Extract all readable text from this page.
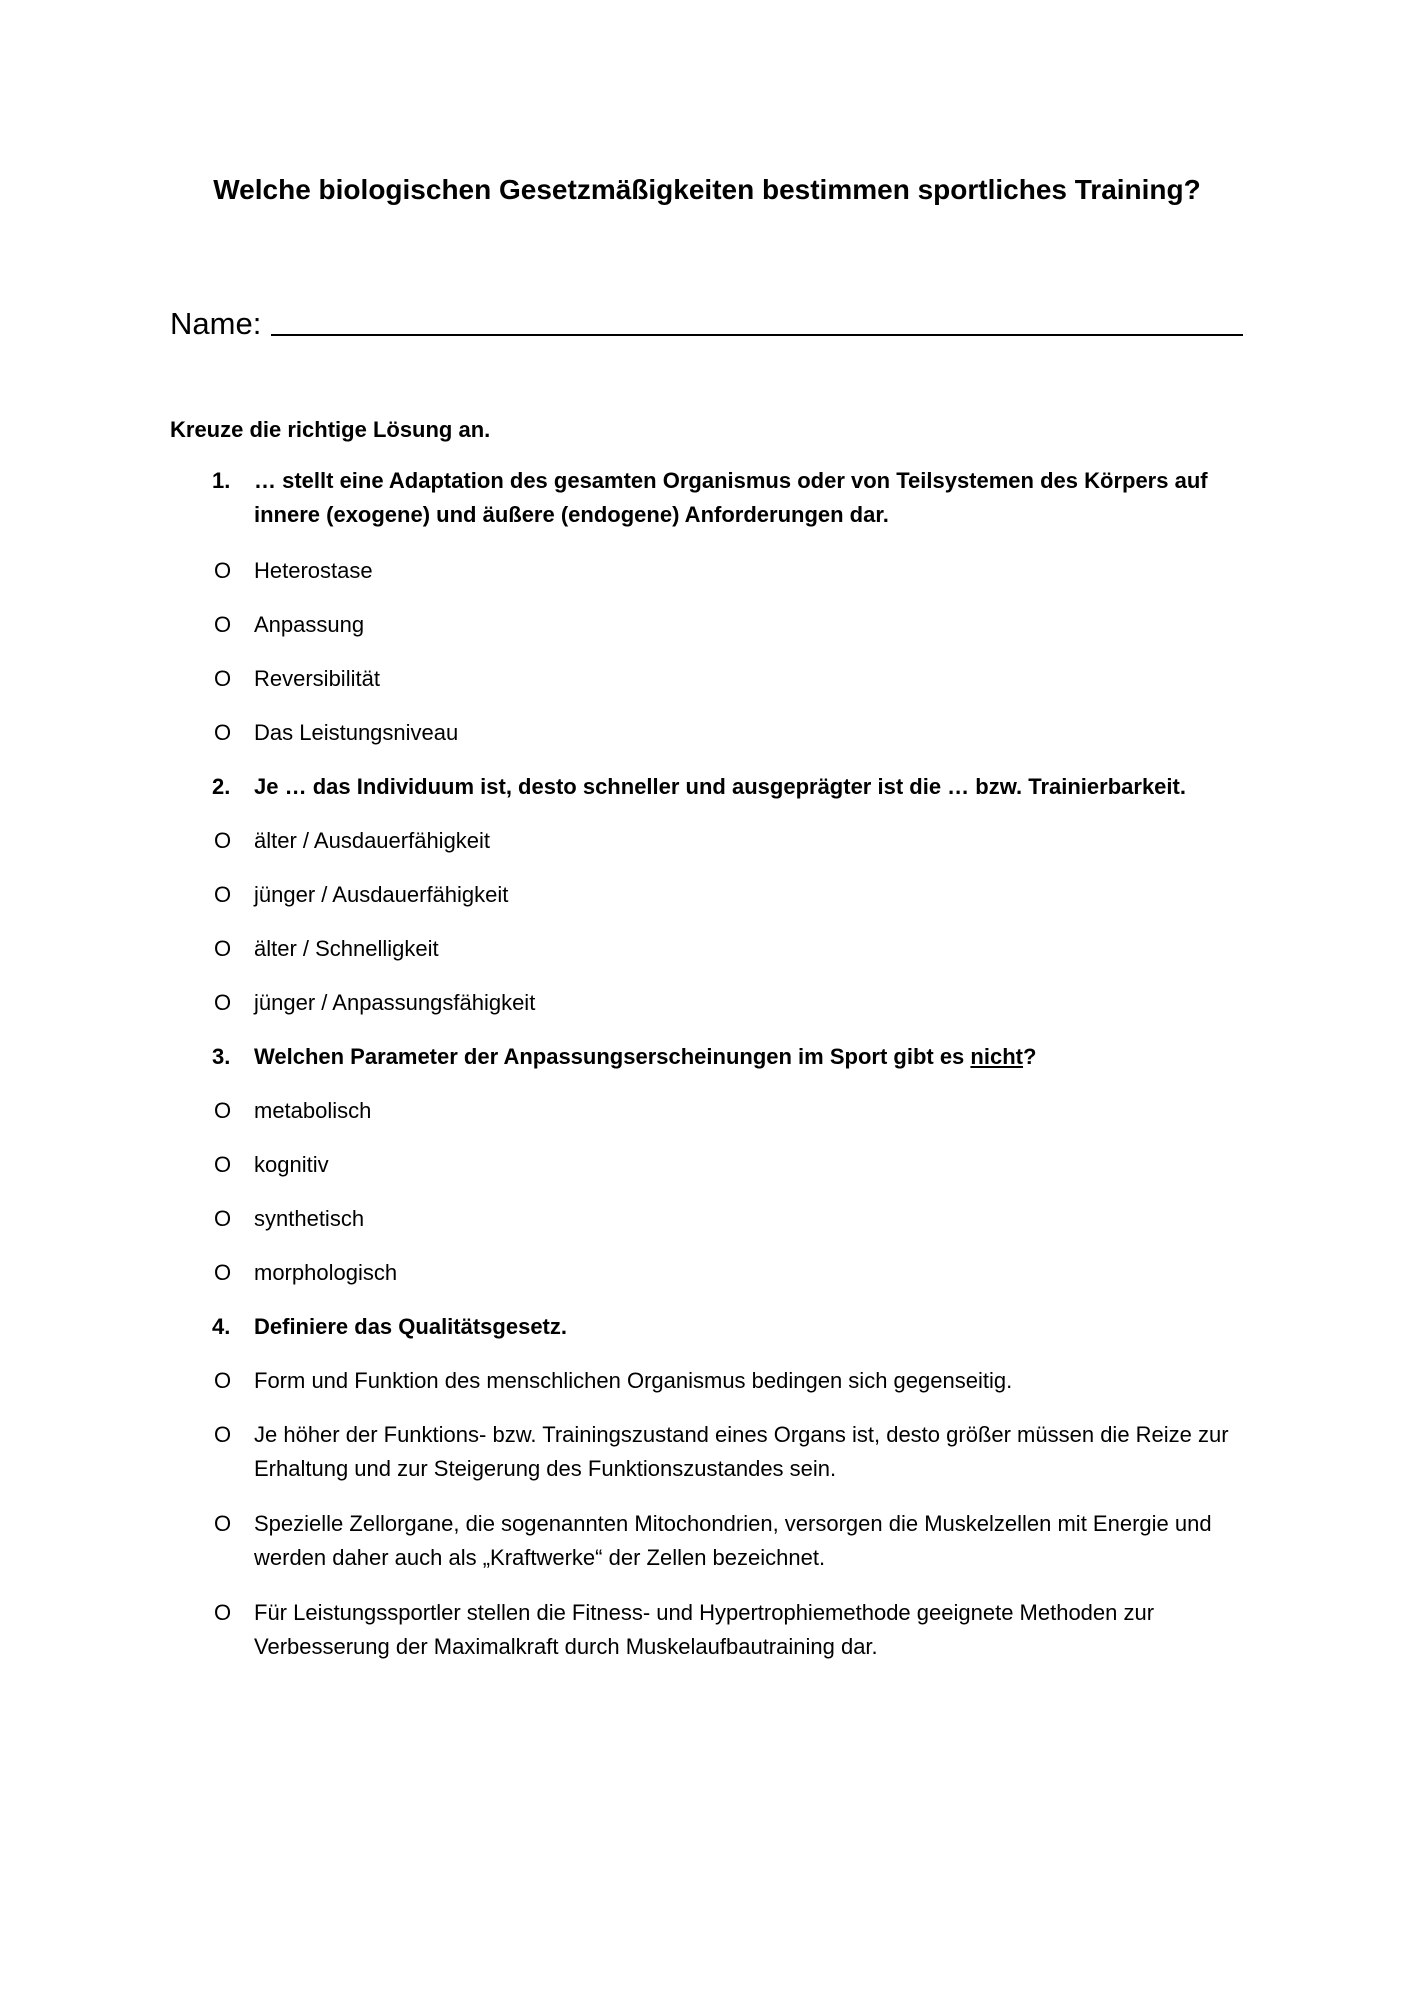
Welche biologischen Gesetzmäßigkeiten bestimmen sportliches Training?
Name:
Kreuze die richtige Lösung an.
1.	… stellt eine Adaptation des gesamten Organismus oder von Teilsystemen des Körpers auf innere (exogene) und äußere (endogene) Anforderungen dar.
O	Heterostase
O	Anpassung
O	Reversibilität
O	Das Leistungsniveau
2.	Je … das Individuum ist, desto schneller und ausgeprägter ist die … bzw. Trainierbarkeit.
O	älter / Ausdauerfähigkeit
O	jünger / Ausdauerfähigkeit
O	älter / Schnelligkeit
O	jünger / Anpassungsfähigkeit
3.	Welchen Parameter der Anpassungserscheinungen im Sport gibt es nicht?
O	metabolisch
O	kognitiv
O	synthetisch
O	morphologisch
4.	Definiere das Qualitätsgesetz.
O	Form und Funktion des menschlichen Organismus bedingen sich gegenseitig.
O	Je höher der Funktions- bzw. Trainingszustand eines Organs ist, desto größer müssen die Reize zur Erhaltung und zur Steigerung des Funktionszustandes sein.
O	Spezielle Zellorgane, die sogenannten Mitochondrien, versorgen die Muskelzellen mit Energie und werden daher auch als „Kraftwerke“ der Zellen bezeichnet.
O	Für Leistungssportler stellen die Fitness- und Hypertrophiemethode geeignete Methoden zur Verbesserung der Maximalkraft durch Muskelaufbautraining dar.
